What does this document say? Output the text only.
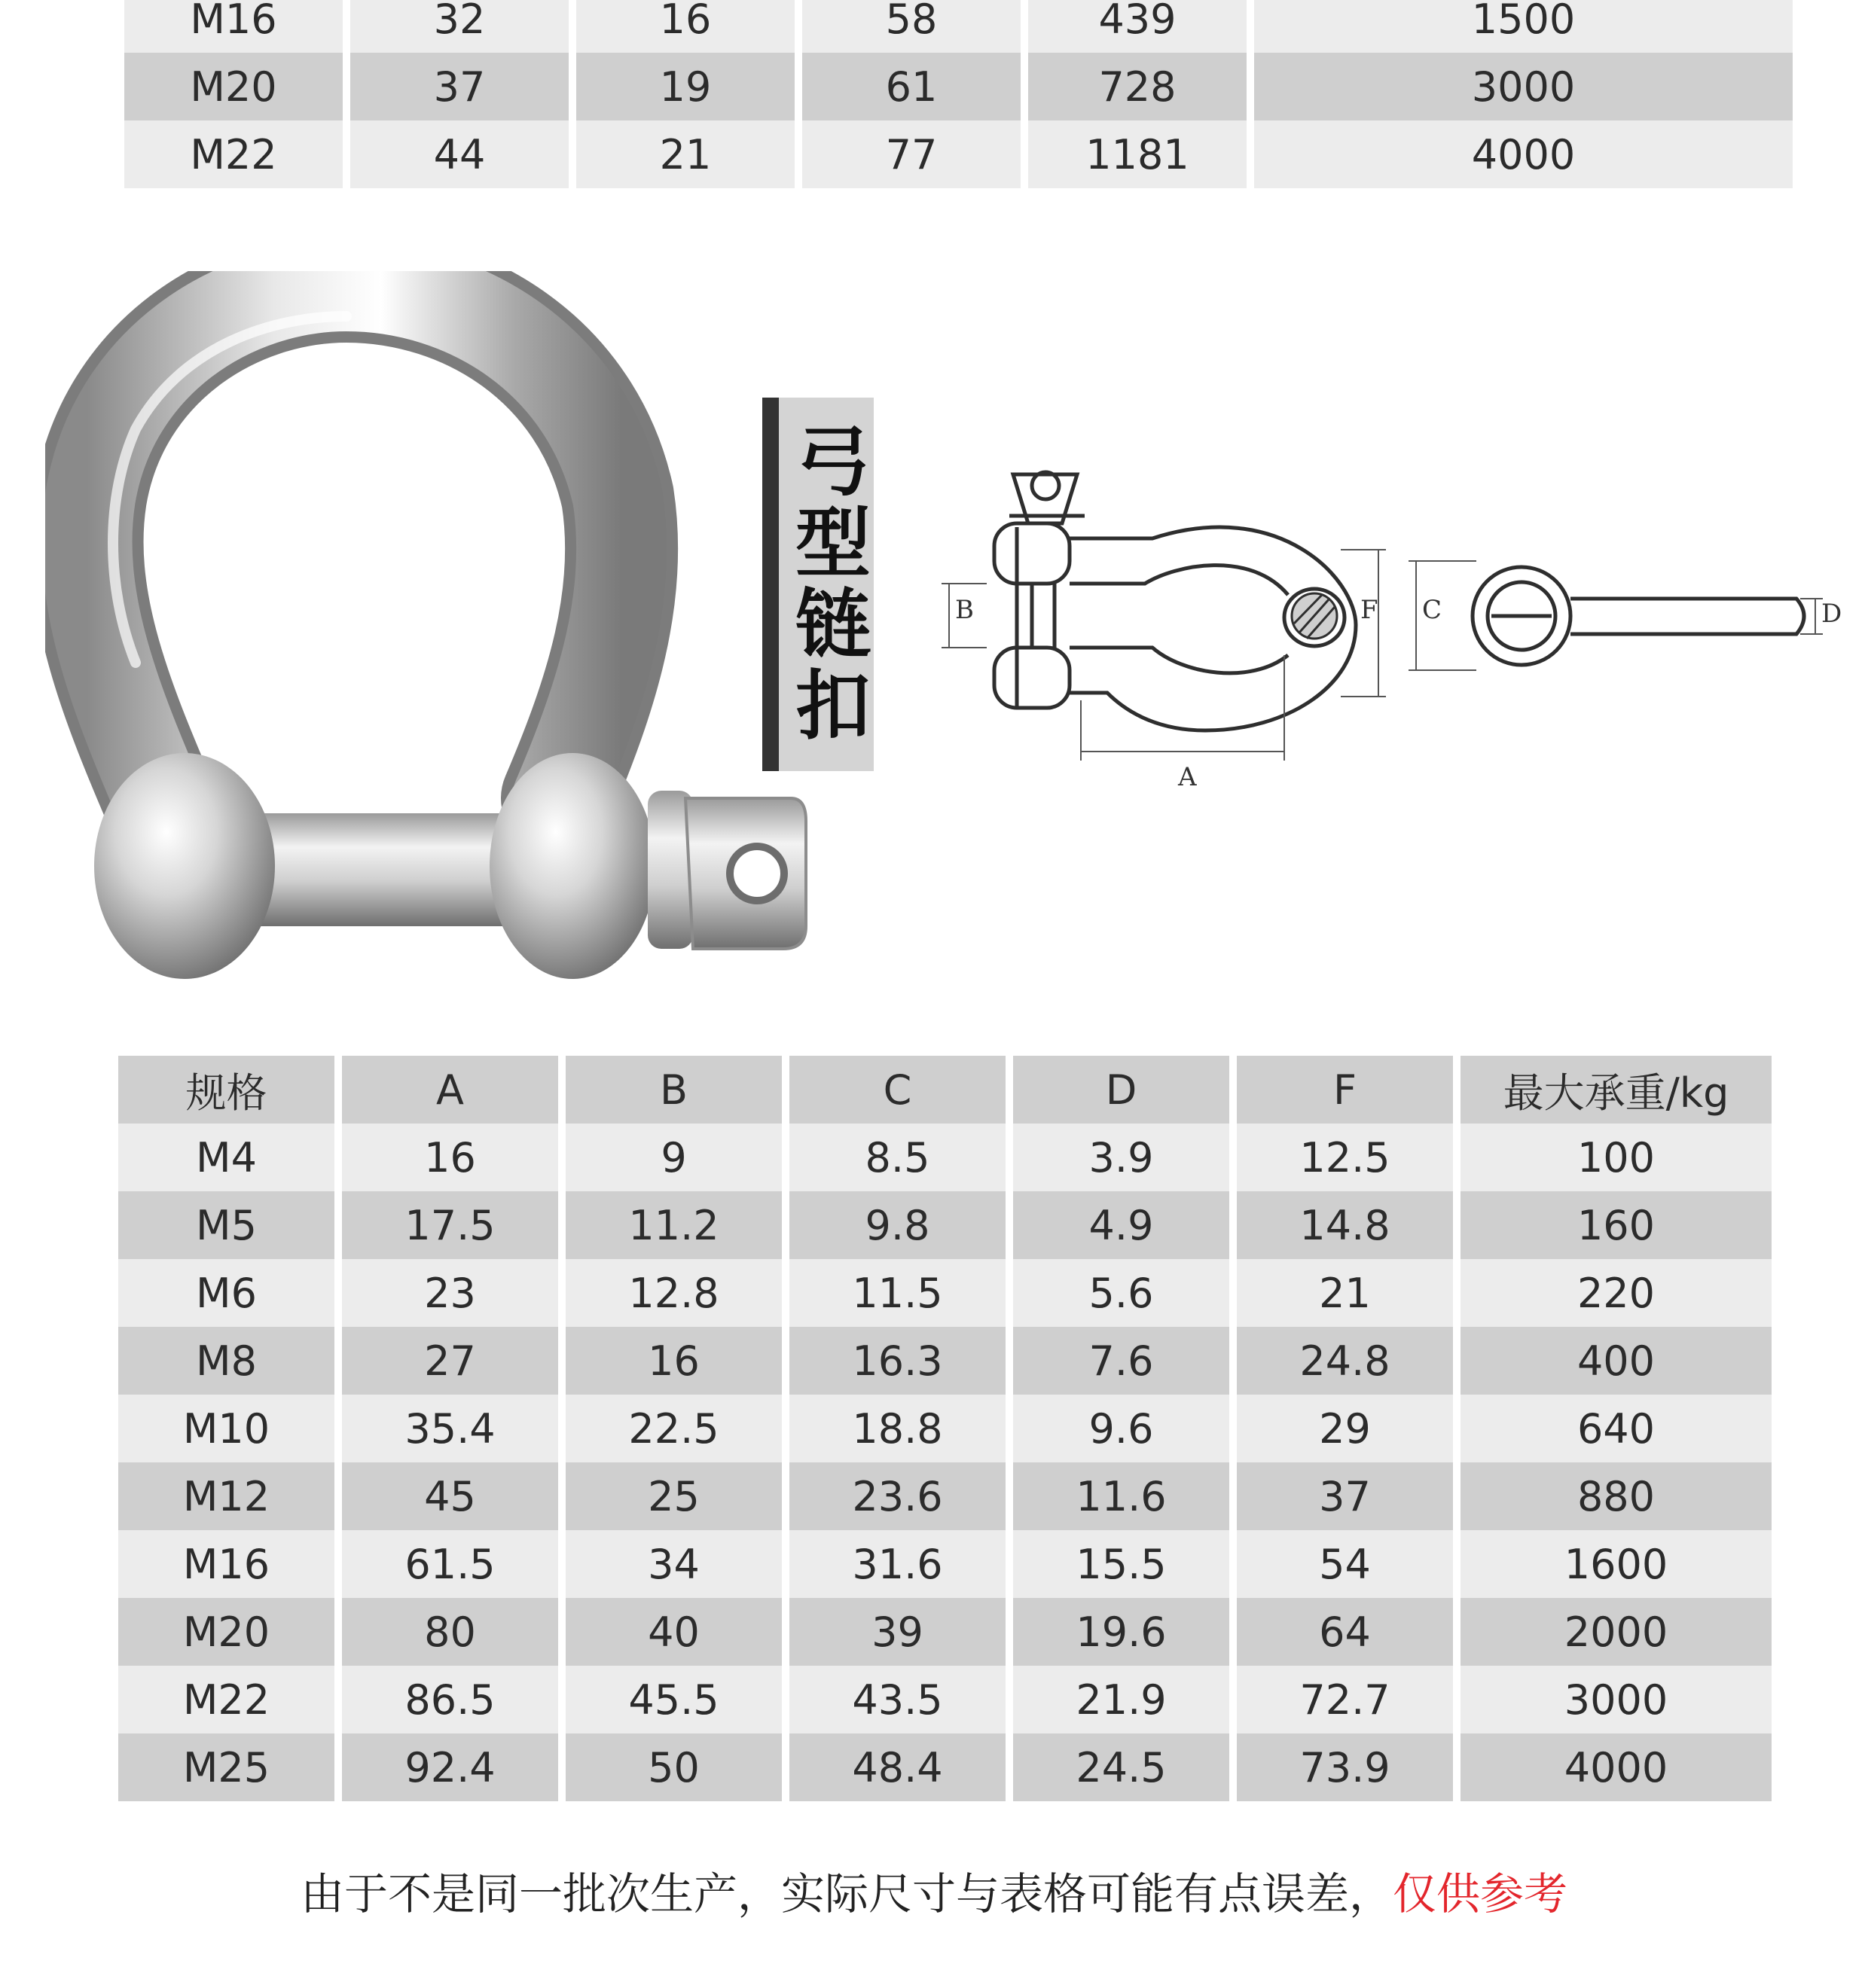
M16	32	16	58	439	1500
M20	37	19	61	728	3000
M22	44	21	77	1181	4000
弓型链扣	B	F
A
C	D
规格	A	B	C	D	F	最大承重/kg
M4	16	9	8.5	3.9	12.5	100
M5	17.5	11.2	9.8	4.9	14.8	160
M6	23	12.8	11.5	5.6	21	220
M8	27	16	16.3	7.6	24.8	400
M10	35.4	22.5	18.8	9.6	29	640
M12	45	25	23.6	11.6	37	880
M16	61.5	34	31.6	15.5	54	1600
M20	80	40	39	19.6	64	2000
M22	86.5	45.5	43.5	21.9	72.7	3000
M25	92.4	50	48.4	24.5	73.9	4000
由于不是同一批次生产，实际尺寸与表格可能有点误差，仅供参考
